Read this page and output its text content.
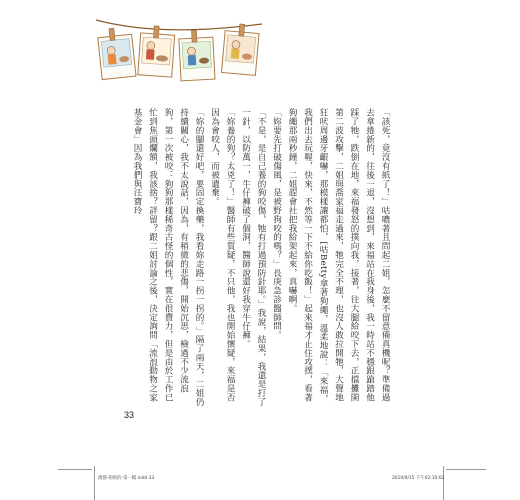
「該死，竟沒有紙了！」咕噥著且問起二姐，怎麼不留意備真機呢？準備過去拿捲新的，往後一退，沒想到，來福站在我身後，我一時站不穩跟蹌踏他踩了牠，跌倒在地，來福發怒的撲向我，接著，往大腿給咬下去，正擋攤開第二波攻擊，二姐與喬家福走過來，牠完全不理，也沒人敢拉開牠，大聲地狂吠周邊牙齦嚇，那模樣讓都怕，[咕Betty拿著狗繩，溫柔地說：「來福，我們出去玩喔，快來，不然等一下不給你吃飯！」起來福才止住攻撲，看著狗繩那兩秒鐘，二姐趕會社把我給架起來，真嚇啊。

「妳要先打破傷風，是被野狗咬的嗎？」長庚急診醫師問。

「不是，是自己養的狗咬傷，牠有打過預防針耶。」我說，結果，我還是打了一針，以防萬一，牛仔褲破了個洞，醫師說還好我穿牛仔褲。

「妳養的狗？太兇了！」醫師有些質疑，不只他，我也開始懷疑，來福是否因為會咬人，而被遺棄。

「妳的腳還好吧，要固定換藥，我看妳走路一拐一拐的。」隔了兩天，二姐仍持續關心，我不太說話，因為，有稍微的悲傷，開始沉思，檢過不少流浪狗，第一次被咬：狗狗那樣稀奇古怪的個性，實在很費力，但是由於工作已忙到焦頭爛額，我該捨？詳留？跟二姐討論之後，決定詢問「流浪動物之家基金會」因為我們與汪寶玲

33
澳都-狗狗的-第一幅.indd 33	2010/9/15 下午02:10:02
